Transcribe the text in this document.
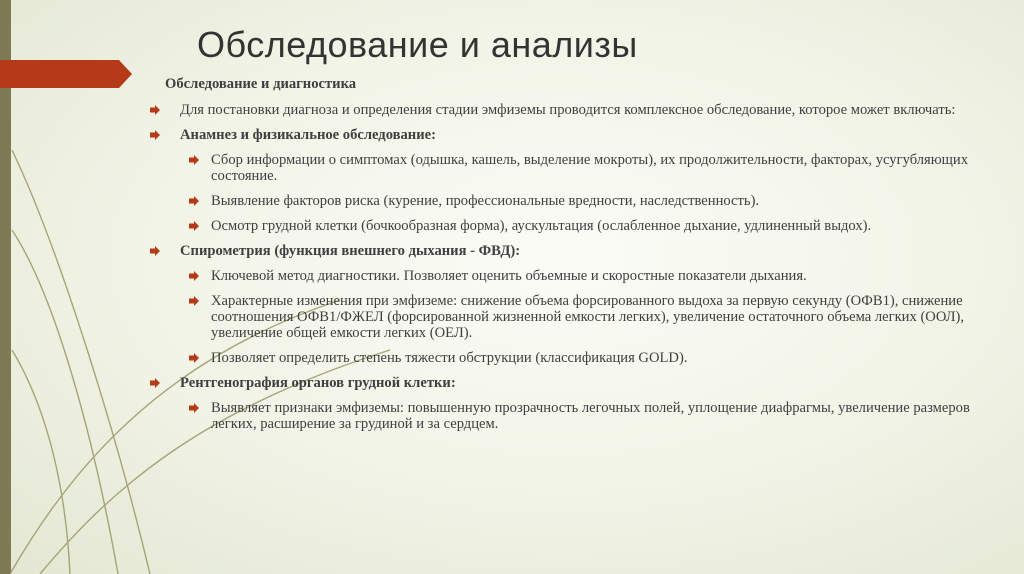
Обследование и анализы
Обследование и диагностика
Для постановки диагноза и определения стадии эмфиземы проводится комплексное обследование, которое может включать:
Анамнез и физикальное обследование:
Сбор информации о симптомах (одышка, кашель, выделение мокроты), их продолжительности, факторах, усугубляющих состояние.
Выявление факторов риска (курение, профессиональные вредности, наследственность).
Осмотр грудной клетки (бочкообразная форма), аускультация (ослабленное дыхание, удлиненный выдох).
Спирометрия (функция внешнего дыхания - ФВД):
Ключевой метод диагностики. Позволяет оценить объемные и скоростные показатели дыхания.
Характерные изменения при эмфиземе: снижение объема форсированного выдоха за первую секунду (ОФВ1), снижение соотношения ОФВ1/ФЖЕЛ (форсированной жизненной емкости легких), увеличение остаточного объема легких (ООЛ), увеличение общей емкости легких (ОЕЛ).
Позволяет определить степень тяжести обструкции (классификация GOLD).
Рентгенография органов грудной клетки:
Выявляет признаки эмфиземы: повышенную прозрачность легочных полей, уплощение диафрагмы, увеличение размеров легких, расширение за грудиной и за сердцем.
